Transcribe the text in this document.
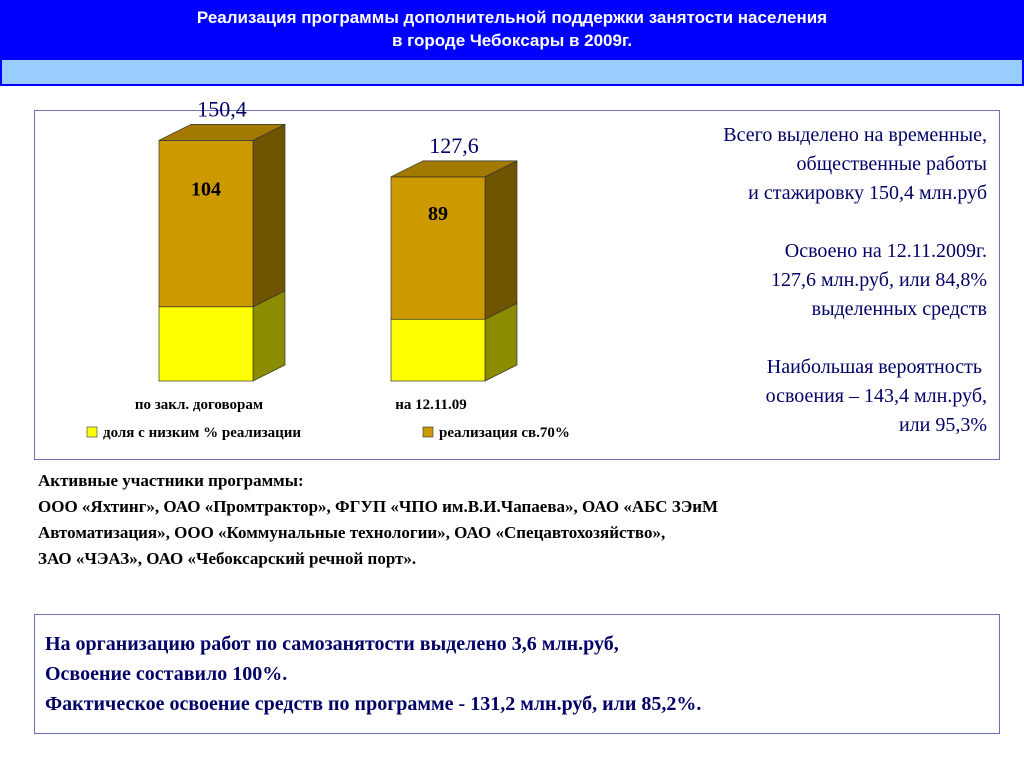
Реализация программы дополнительной поддержки занятости населения
в городе Чебоксары в 2009г.
104
150,4
по закл. договорам
89
127,6
на 12.11.09
доля с низким % реализации	реализация св.70%
Всего выделено на временные,
общественные работы
и стажировку 150,4 млн.руб
Освоено на 12.11.2009г.
127,6 млн.руб, или 84,8%
выделенных средств
Наибольшая вероятность
освоения – 143,4 млн.руб,
или 95,3%
Активные участники программы:
ООО «Яхтинг», ОАО «Промтрактор», ФГУП «ЧПО им.В.И.Чапаева», ОАО «АБС ЗЭиМ
Автоматизация», ООО «Коммунальные технологии», ОАО «Спецавтохозяйство»,
ЗАО «ЧЭАЗ», ОАО «Чебоксарский речной порт».
На организацию работ по самозанятости выделено 3,6 млн.руб,
Освоение составило 100%.
Фактическое освоение средств по программе - 131,2 млн.руб, или 85,2%.
